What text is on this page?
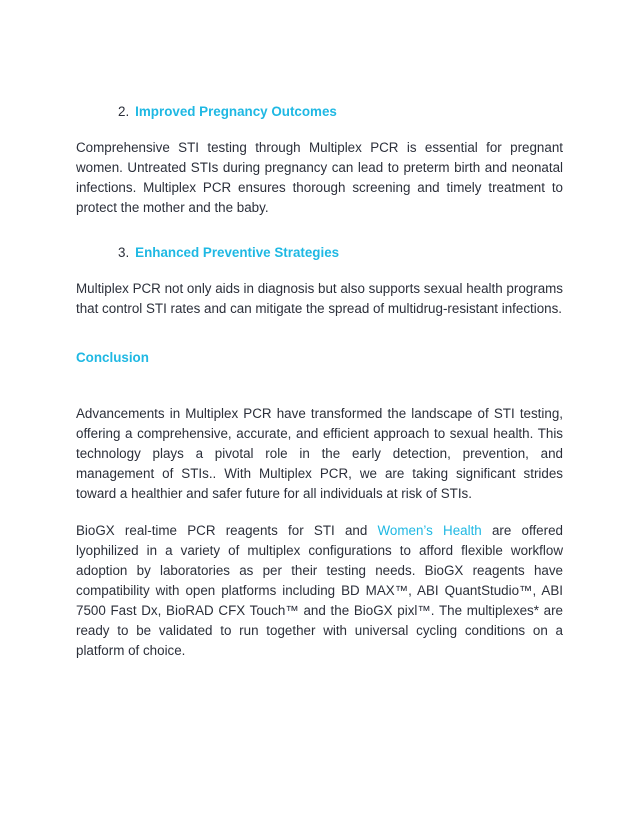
2. Improved Pregnancy Outcomes

Comprehensive STI testing through Multiplex PCR is essential for pregnant women. Untreated STIs during pregnancy can lead to preterm birth and neonatal infections. Multiplex PCR ensures thorough screening and timely treatment to protect the mother and the baby.

3. Enhanced Preventive Strategies

Multiplex PCR not only aids in diagnosis but also supports sexual health programs that control STI rates and can mitigate the spread of multidrug-resistant infections.

Conclusion

Advancements in Multiplex PCR have transformed the landscape of STI testing, offering a comprehensive, accurate, and efficient approach to sexual health. This technology plays a pivotal role in the early detection, prevention, and management of STIs.. With Multiplex PCR, we are taking significant strides toward a healthier and safer future for all individuals at risk of STIs.

BioGX real-time PCR reagents for STI and Women’s Health are offered lyophilized in a variety of multiplex configurations to afford flexible workflow adoption by laboratories as per their testing needs. BioGX reagents have compatibility with open platforms including BD MAX™, ABI QuantStudio™, ABI 7500 Fast Dx, BioRAD CFX Touch™ and the BioGX pixl™. The multiplexes* are ready to be validated to run together with universal cycling conditions on a platform of choice.
